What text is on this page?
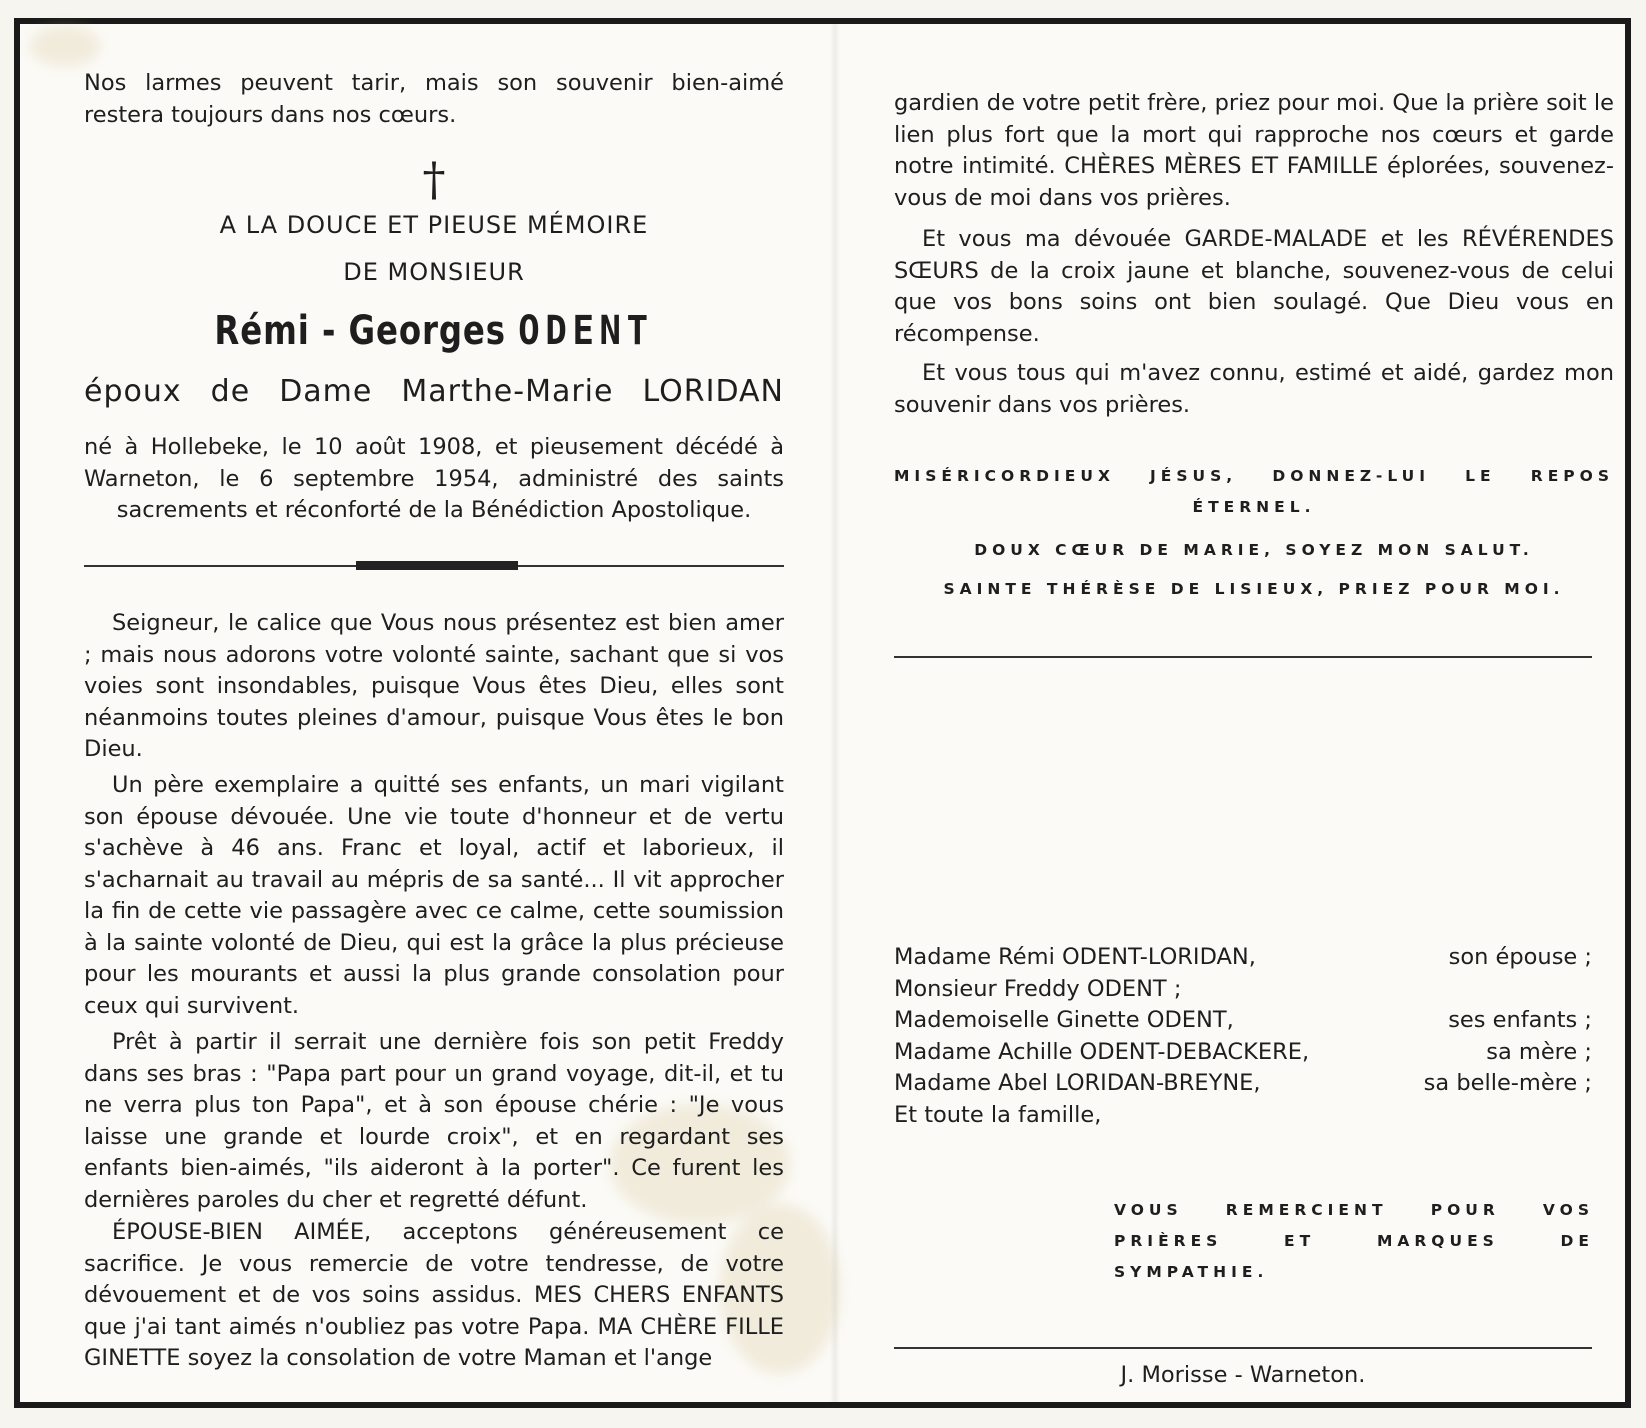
Nos larmes peuvent tarir, mais son souvenir bien-aimé restera toujours dans nos cœurs.

†
A LA DOUCE ET PIEUSE MÉMOIRE
DE MONSIEUR
Rémi - Georges ODENT
époux de Dame Marthe-Marie LORIDAN

né à Hollebeke, le 10 août 1908, et pieusement décédé à Warneton, le 6 septembre 1954, administré des saints sacrements et réconforté de la Bénédiction Apostolique.

Seigneur, le calice que Vous nous présentez est bien amer ; mais nous adorons votre volonté sainte, sachant que si vos voies sont insondables, puisque Vous êtes Dieu, elles sont néanmoins toutes pleines d'amour, puisque Vous êtes le bon Dieu.

Un père exemplaire a quitté ses enfants, un mari vigilant son épouse dévouée. Une vie toute d'honneur et de vertu s'achève à 46 ans. Franc et loyal, actif et laborieux, il s'acharnait au travail au mépris de sa santé... Il vit approcher la fin de cette vie passagère avec ce calme, cette soumission à la sainte volonté de Dieu, qui est la grâce la plus précieuse pour les mourants et aussi la plus grande consolation pour ceux qui survivent.

Prêt à partir il serrait une dernière fois son petit Freddy dans ses bras : "Papa part pour un grand voyage, dit-il, et tu ne verra plus ton Papa", et à son épouse chérie : "Je vous laisse une grande et lourde croix", et en regardant ses enfants bien-aimés, "ils aideront à la porter". Ce furent les dernières paroles du cher et regretté défunt.

ÉPOUSE-BIEN AIMÉE, acceptons généreusement ce sacrifice. Je vous remercie de votre tendresse, de votre dévouement et de vos soins assidus. MES CHERS ENFANTS que j'ai tant aimés n'oubliez pas votre Papa. MA CHÈRE FILLE GINETTE soyez la consolation de votre Maman et l'ange

gardien de votre petit frère, priez pour moi. Que la prière soit le lien plus fort que la mort qui rapproche nos cœurs et garde notre intimité. CHÈRES MÈRES ET FAMILLE éplorées, souvenez-vous de moi dans vos prières.

Et vous ma dévouée GARDE-MALADE et les RÉVÉRENDES SŒURS de la croix jaune et blanche, souvenez-vous de celui que vos bons soins ont bien soulagé. Que Dieu vous en récompense.

Et vous tous qui m'avez connu, estimé et aidé, gardez mon souvenir dans vos prières.

MISÉRICORDIEUX JÉSUS, DONNEZ-LUI LE REPOS ÉTERNEL.

DOUX CŒUR DE MARIE, SOYEZ MON SALUT.

SAINTE THÉRÈSE DE LISIEUX, PRIEZ POUR MOI.

Madame Rémi ODENT-LORIDAN,	son épouse ;
Monsieur Freddy ODENT ;
Mademoiselle Ginette ODENT,	ses enfants ;
Madame Achille ODENT-DEBACKERE,	sa mère ;
Madame Abel LORIDAN-BREYNE,	sa belle-mère ;
Et toute la famille,

VOUS REMERCIENT POUR VOS PRIÈRES ET MARQUES DE SYMPATHIE.

J. Morisse - Warneton.
